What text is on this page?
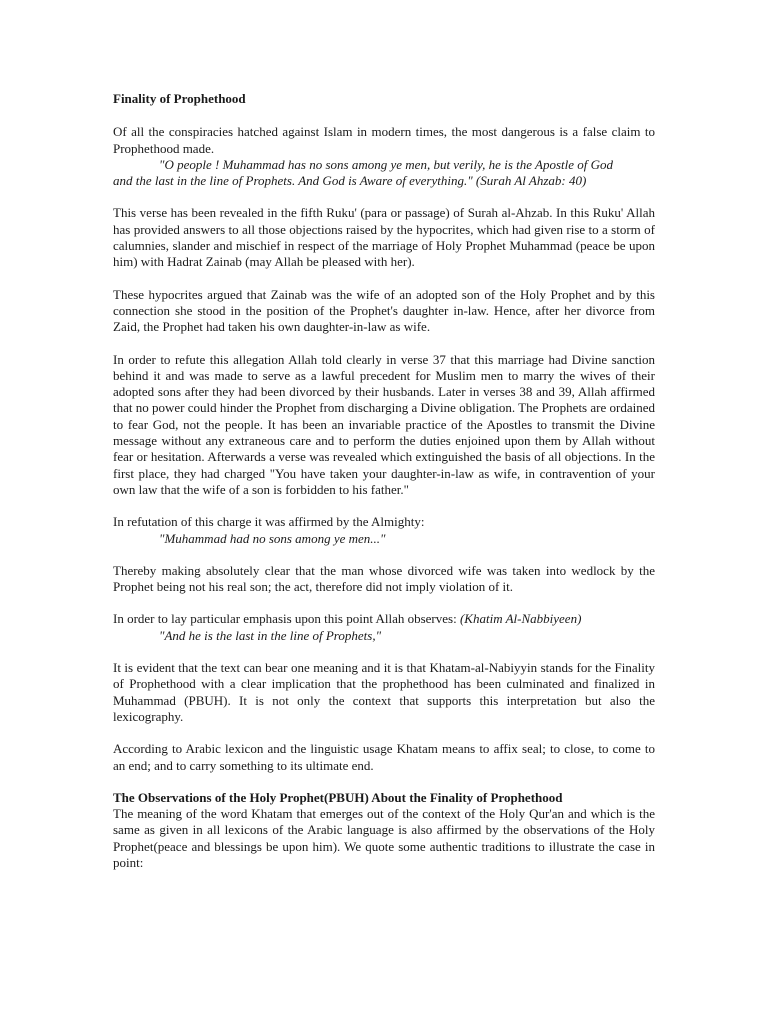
Finality of Prophethood

Of all the conspiracies hatched against Islam in modern times, the most dangerous is a false claim to Prophethood made.

"O people ! Muhammad has no sons among ye men, but verily, he is the Apostle of God
and the last in the line of Prophets. And God is Aware of everything." (Surah Al Ahzab: 40)

This verse has been revealed in the fifth Ruku' (para or passage) of Surah al-Ahzab. In this Ruku' Allah has provided answers to all those objections raised by the hypocrites, which had given rise to a storm of calumnies, slander and mischief in respect of the marriage of Holy Prophet Muhammad (peace be upon him) with Hadrat Zainab (may Allah be pleased with her).

These hypocrites argued that Zainab was the wife of an adopted son of the Holy Prophet and by this connection she stood in the position of the Prophet's daughter in-law. Hence, after her divorce from Zaid, the Prophet had taken his own daughter-in-law as wife.

In order to refute this allegation Allah told clearly in verse 37 that this marriage had Divine sanction behind it and was made to serve as a lawful precedent for Muslim men to marry the wives of their adopted sons after they had been divorced by their husbands. Later in verses 38 and 39, Allah affirmed that no power could hinder the Prophet from discharging a Divine obligation. The Prophets are ordained to fear God, not the people. It has been an invariable practice of the Apostles to transmit the Divine message without any extraneous care and to perform the duties enjoined upon them by Allah without fear or hesitation. Afterwards a verse was revealed which extinguished the basis of all objections. In the first place, they had charged "You have taken your daughter-in-law as wife, in contravention of your own law that the wife of a son is forbidden to his father."

In refutation of this charge it was affirmed by the Almighty:

"Muhammad had no sons among ye men..."

Thereby making absolutely clear that the man whose divorced wife was taken into wedlock by the Prophet being not his real son; the act, therefore did not imply violation of it.

In order to lay particular emphasis upon this point Allah observes: (Khatim Al-Nabbiyeen)

"And he is the last in the line of Prophets,"

It is evident that the text can bear one meaning and it is that Khatam-al-Nabiyyin stands for the Finality of Prophethood with a clear implication that the prophethood has been culminated and finalized in Muhammad (PBUH). It is not only the context that supports this interpretation but also the lexicography.

According to Arabic lexicon and the linguistic usage Khatam means to affix seal; to close, to come to an end; and to carry something to its ultimate end.

The Observations of the Holy Prophet(PBUH) About the Finality of Prophethood

The meaning of the word Khatam that emerges out of the context of the Holy Qur'an and which is the same as given in all lexicons of the Arabic language is also affirmed by the observations of the Holy Prophet(peace and blessings be upon him). We quote some authentic traditions to illustrate the case in point:
